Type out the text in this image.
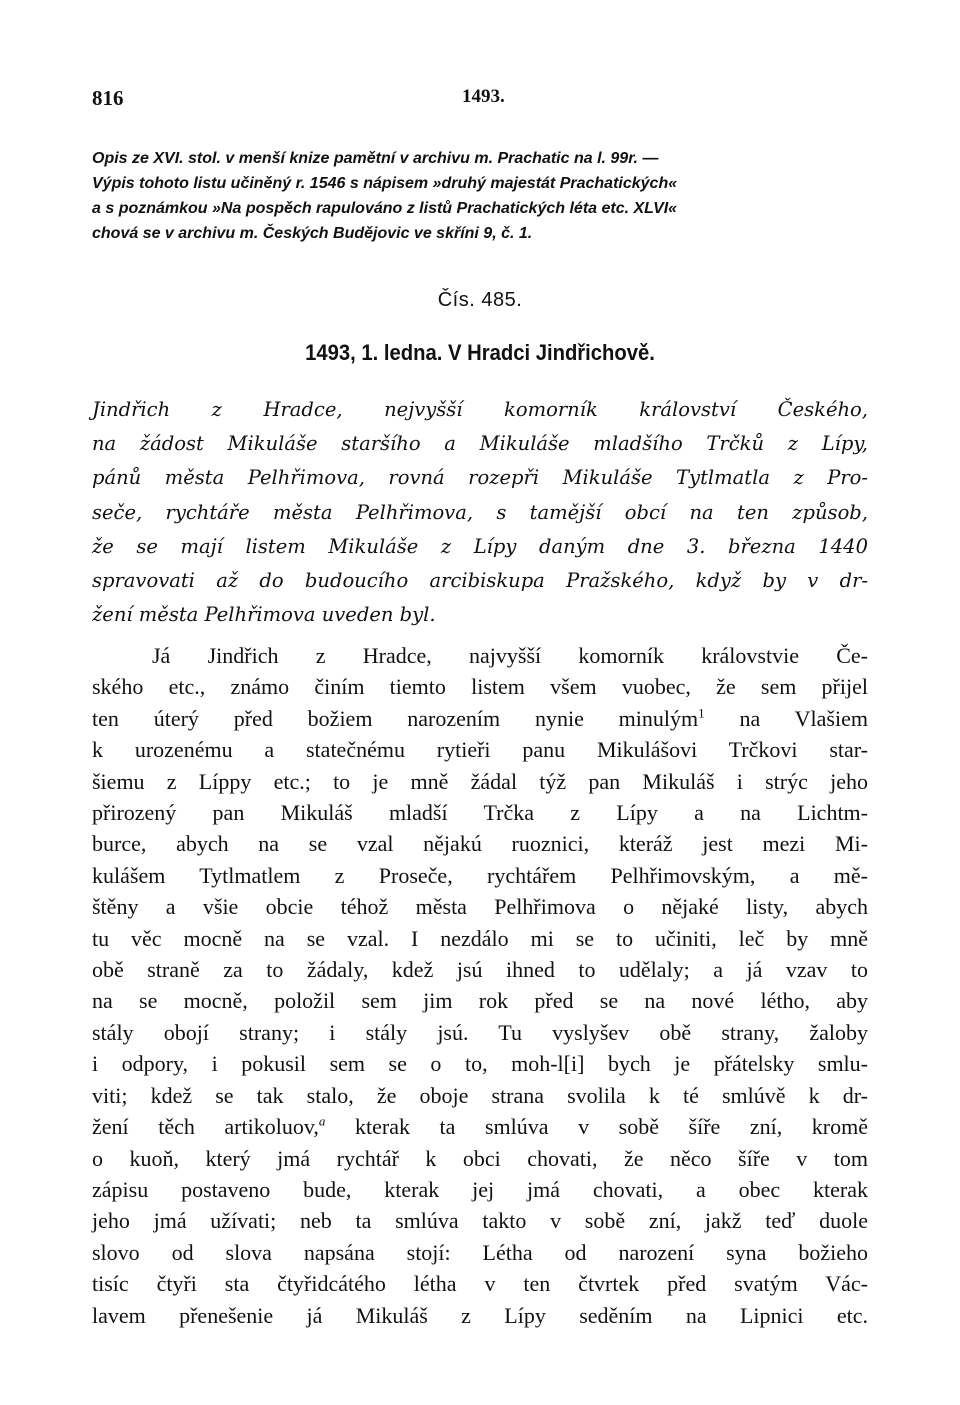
816	1493.
Opis ze XVI. stol. v menší knize pamětní v archivu m. Prachatic na l. 99r. —
Výpis tohoto listu učiněný r. 1546 s nápisem »druhý majestát Prachatických«
a s poznámkou »Na pospěch rapulováno z listů Prachatických léta etc. XLVI«
chová se v archivu m. Českých Budějovic ve skříni 9, č. 1.
Čís. 485.
1493, 1. ledna. V Hradci Jindřichově.
Jindřich z Hradce, nejvyšší komorník království Českého,
na žádost Mikuláše staršího a Mikuláše mladšího Trčků z Lípy,
pánů města Pelhřimova, rovná rozepři Mikuláše Tytlmatla z Pro-
seče, rychtáře města Pelhřimova, s tamější obcí na ten způsob,
že se mají listem Mikuláše z Lípy daným dne 3. března 1440
spravovati až do budoucího arcibiskupa Pražského, když by v dr-
žení města Pelhřimova uveden byl.
Já Jindřich z Hradce, najvyšší komorník královstvie Če-
ského etc., známo činím tiemto listem všem vuobec, že sem přijel
ten úterý před božiem narozením nynie minulým$^1$ na Vlašiem
k urozenému a statečnému rytieři panu Mikulášovi Trčkovi star-
šiemu z Líppy etc.; to je mně žádal týž pan Mikuláš i strýc jeho
přirozený pan Mikuláš mladší Trčka z Lípy a na Lichtm-
burce, abych na se vzal nějakú ruoznici, kteráž jest mezi Mi-
kulášem Tytlmatlem z Proseče, rychtářem Pelhřimovským, a mě-
štěny a všie obcie téhož města Pelhřimova o nějaké listy, abych
tu věc mocně na se vzal. I nezdálo mi se to učiniti, leč by mně
obě straně za to žádaly, kdež jsú ihned to udělaly; a já vzav to
na se mocně, položil sem jim rok před se na nové létho, aby
stály obojí strany; i stály jsú. Tu vyslyšev obě strany, žaloby
i odpory, i pokusil sem se o to, moh-l[i] bych je přátelsky smlu-
viti; kdež se tak stalo, že oboje strana svolila k té smlúvě k dr-
žení těch artikoluov,$^a$ kterak ta smlúva v sobě šíře zní, kromě
o kuoň, který jmá rychtář k obci chovati, že něco šíře v tom
zápisu postaveno bude, kterak jej jmá chovati, a obec kterak
jeho jmá užívati; neb ta smlúva takto v sobě zní, jakž teď duole
slovo od slova napsána stojí: Létha od narození syna božieho
tisíc čtyři sta čtyřidcátého létha v ten čtvrtek před svatým Vác-
lavem přenešenie já Mikuláš z Lípy seděním na Lipnici etc.
